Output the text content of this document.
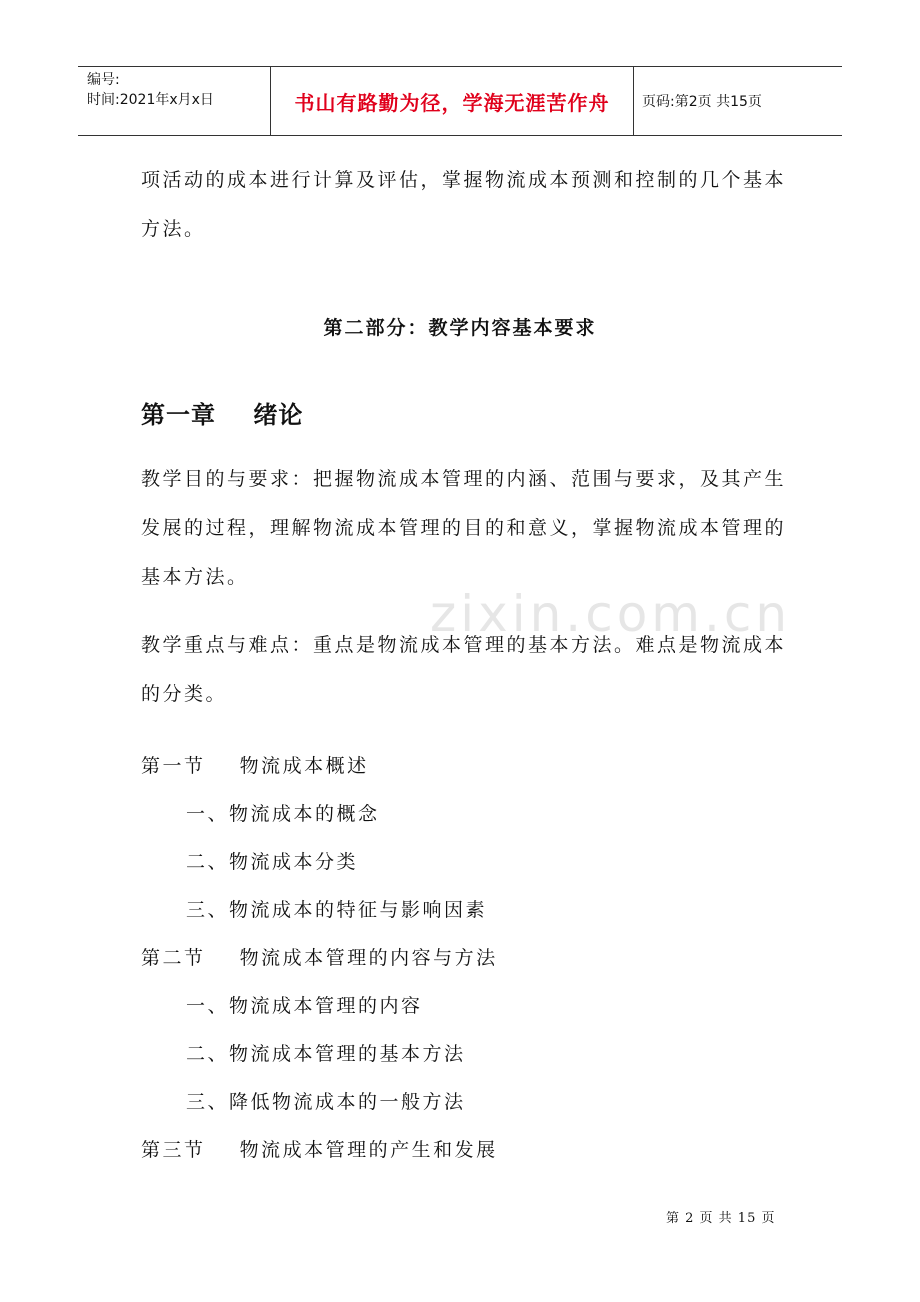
编号:
时间:2021年x月x日	书山有路勤为径，学海无涯苦作舟	页码:第2页 共15页
zixin.com.cn
项活动的成本进行计算及评估，掌握物流成本预测和控制的几个基本
方法。
第二部分：教学内容基本要求
第一章    绪论
教学目的与要求：把握物流成本管理的内涵、范围与要求，及其产生
发展的过程，理解物流成本管理的目的和意义，掌握物流成本管理的
基本方法。
教学重点与难点：重点是物流成本管理的基本方法。难点是物流成本
的分类。
第一节    物流成本概述
一、物流成本的概念
二、物流成本分类
三、物流成本的特征与影响因素
第二节    物流成本管理的内容与方法
一、物流成本管理的内容
二、物流成本管理的基本方法
三、降低物流成本的一般方法
第三节    物流成本管理的产生和发展
第 2 页 共 15 页
